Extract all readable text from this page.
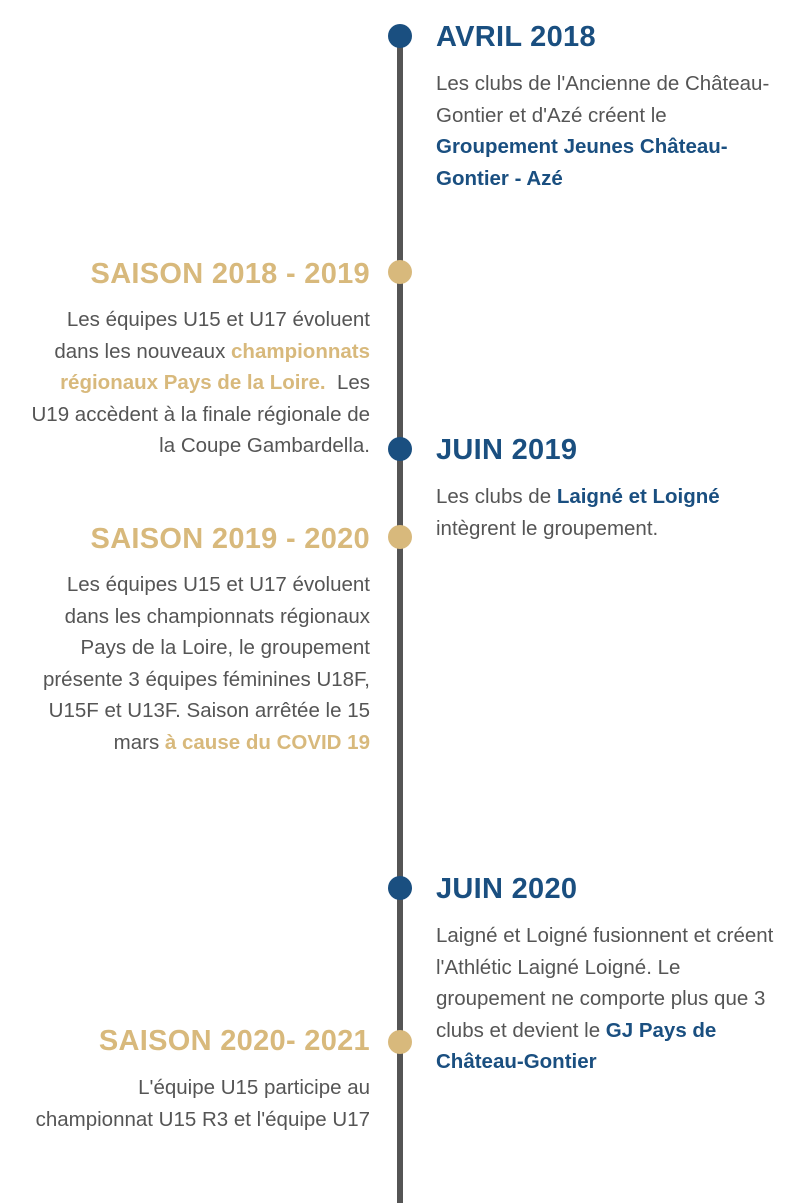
AVRIL 2018
Les clubs de l'Ancienne de Château-Gontier et d'Azé créent le Groupement Jeunes Château-Gontier - Azé
SAISON 2018 - 2019
Les équipes U15 et U17 évoluent dans les nouveaux championnats régionaux Pays de la Loire.  Les U19 accèdent à la finale régionale de la Coupe Gambardella. JUIN 2019
Les clubs de Laigné et Loigné intègrent le groupement.
SAISON 2019 - 2020
Les équipes U15 et U17 évoluent dans les championnats régionaux Pays de la Loire, le groupement présente 3 équipes féminines U18F, U15F et U13F. Saison arrêtée le 15 mars à cause du COVID 19
JUIN 2020
Laigné et Loigné fusionnent et créent l'Athlétic Laigné Loigné. Le groupement ne comporte plus que 3 clubs et devient le GJ Pays de Château-Gontier
SAISON 2020- 2021
L'équipe U15 participe au championnat U15 R3 et l'équipe U17
